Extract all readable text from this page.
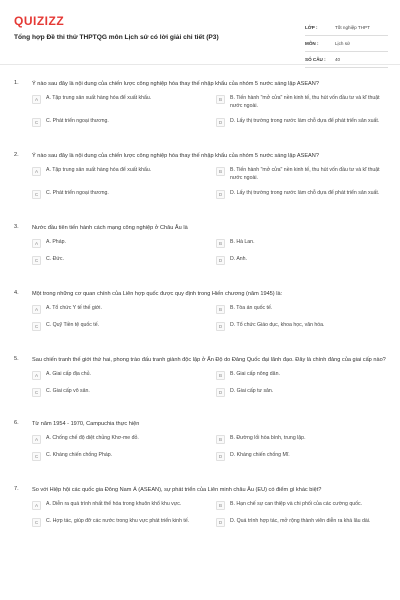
QUIZIZZ
Tổng hợp Đề thi thử THPTQG môn Lịch sử có lời giải chi tiết (P3)
LỚP :	Tốt nghiệp THPT
MÔN :	Lịch sử
SỐ CÂU :	40
1. Ý nào sau đây là nội dung của chiến lược công nghiệp hóa thay thế nhập khẩu của nhóm 5 nước sáng lập ASEAN?
A	A. Tập trung sản xuất hàng hóa để xuất khẩu.	B	B. Tiến hành "mở cửa" nền kinh tế, thu hút vốn đầu tư và kĩ thuật nước ngoài.
C	C. Phát triển ngoại thương.	D	D. Lấy thị trường trong nước làm chỗ dựa để phát triển sản xuất.
2. Ý nào sau đây là nội dung của chiến lược công nghiệp hóa thay thế nhập khẩu của nhóm 5 nước sáng lập ASEAN?
A	A. Tập trung sản xuất hàng hóa để xuất khẩu.	B	B. Tiến hành "mở cửa" nền kinh tế, thu hút vốn đầu tư và kĩ thuật nước ngoài.
C	C. Phát triển ngoại thương.	D	D. Lấy thị trường trong nước làm chỗ dựa để phát triển sản xuất.
3. Nước đầu tiên tiến hành cách mạng công nghiệp ở Châu Âu là
A	A. Pháp.	B	B. Hà Lan.
C	C. Đức.	D	D. Anh.
4. Một trong những cơ quan chính của Liên hợp quốc được quy định trong Hiến chương (năm 1945) là:
A	A. Tổ chức Y tế thế giới.	B	B. Tòa án quốc tế.
C	C. Quỹ Tiền tệ quốc tế.	D	D. Tổ chức Giáo dục, khoa học, văn hóa.
5. Sau chiến tranh thế giới thứ hai, phong trào đấu tranh giành độc lập ở Ấn Độ do Đảng Quốc đại lãnh đạo. Đây là chính đảng của giai cấp nào?
A	A. Giai cấp địa chủ.	B	B. Giai cấp nông dân.
C	C. Giai cấp vô sản.	D	D. Giai cấp tư sản.
6. Từ năm 1954 - 1970, Campuchia thực hiện
A	A. Chống chế độ diệt chủng Khơ-me đỏ.	B	B. Đường lối hòa bình, trung lập.
C	C. Kháng chiến chống Pháp.	D	D. Kháng chiến chống Mĩ.
7. So với Hiệp hội các quốc gia Đông Nam Á (ASEAN), sự phát triển của Liên minh châu Âu (EU) có điểm gì khác biệt?
A	A. Diễn ra quá trình nhất thể hóa trong khuôn khổ khu vực.	B	B. Hạn chế sự can thiệp và chi phối của các cường quốc.
C	C. Hợp tác, giúp đỡ các nước trong khu vực phát triển kinh tế.	D	D. Quá trình hợp tác, mở rộng thành viên diễn ra khá lâu dài.
